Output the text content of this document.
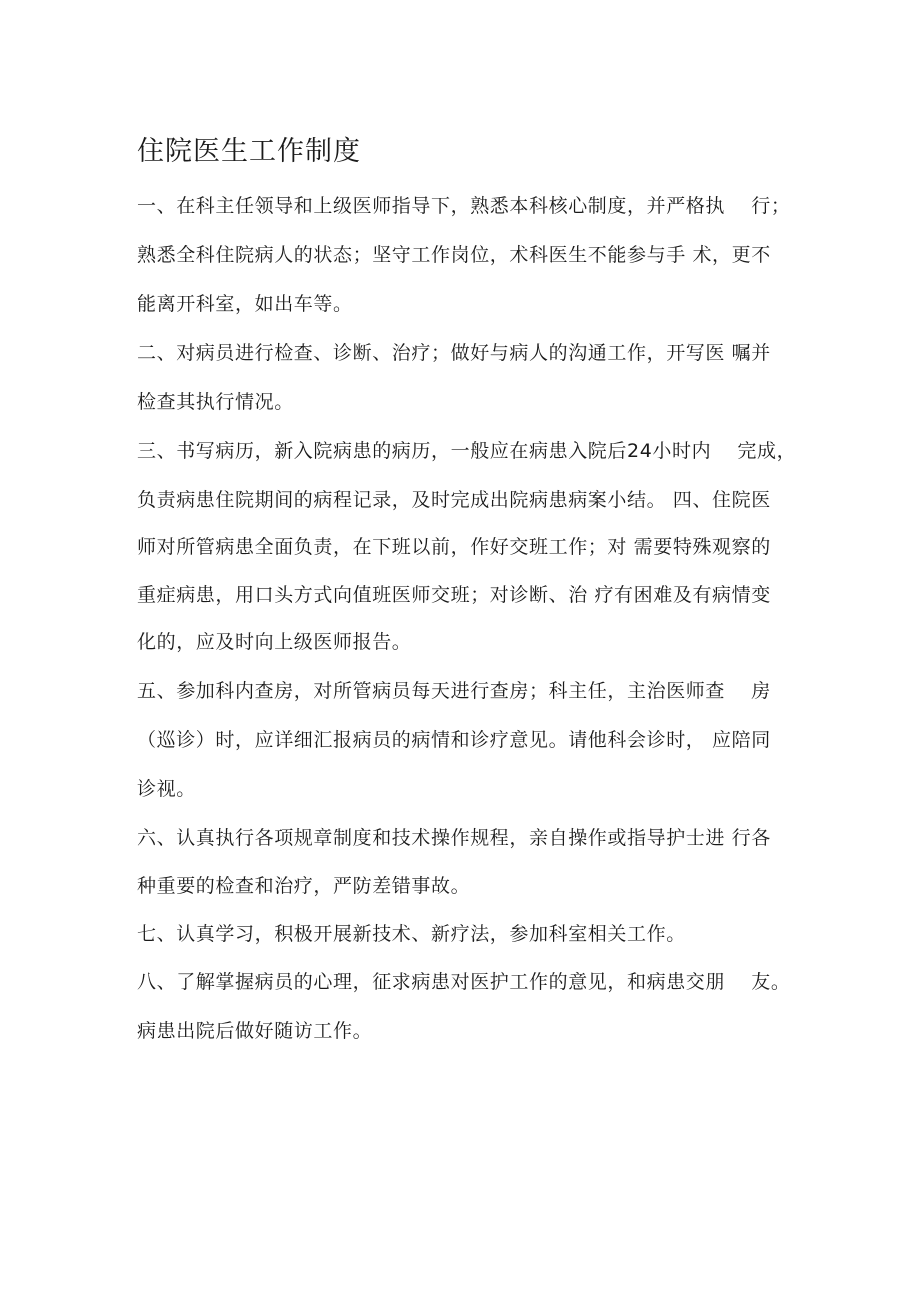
住院医生工作制度
一、在科主任领导和上级医师指导下，熟悉本科核心制度，并严格执　 行；
熟悉全科住院病人的状态；坚守工作岗位，术科医生不能参与手 术，更不
能离开科室，如出车等。
二、对病员进行检查、诊断、治疗；做好与病人的沟通工作，开写医 嘱并
检查其执行情况。
三、书写病历，新入院病患的病历，一般应在病患入院后24小时内　 完成，
负责病患住院期间的病程记录，及时完成出院病患病案小结。 四、住院医
师对所管病患全面负责，在下班以前，作好交班工作；对 需要特殊观察的
重症病患，用口头方式向值班医师交班；对诊断、治 疗有困难及有病情变
化的，应及时向上级医师报告。
五、参加科内查房，对所管病员每天进行查房；科主任，主治医师查　 房
（巡诊）时，应详细汇报病员的病情和诊疗意见。请他科会诊时， 应陪同
诊视。
六、认真执行各项规章制度和技术操作规程，亲自操作或指导护士进 行各
种重要的检查和治疗，严防差错事故。
七、认真学习，积极开展新技术、新疗法，参加科室相关工作。
八、了解掌握病员的心理，征求病患对医护工作的意见，和病患交朋　 友。
病患出院后做好随访工作。
